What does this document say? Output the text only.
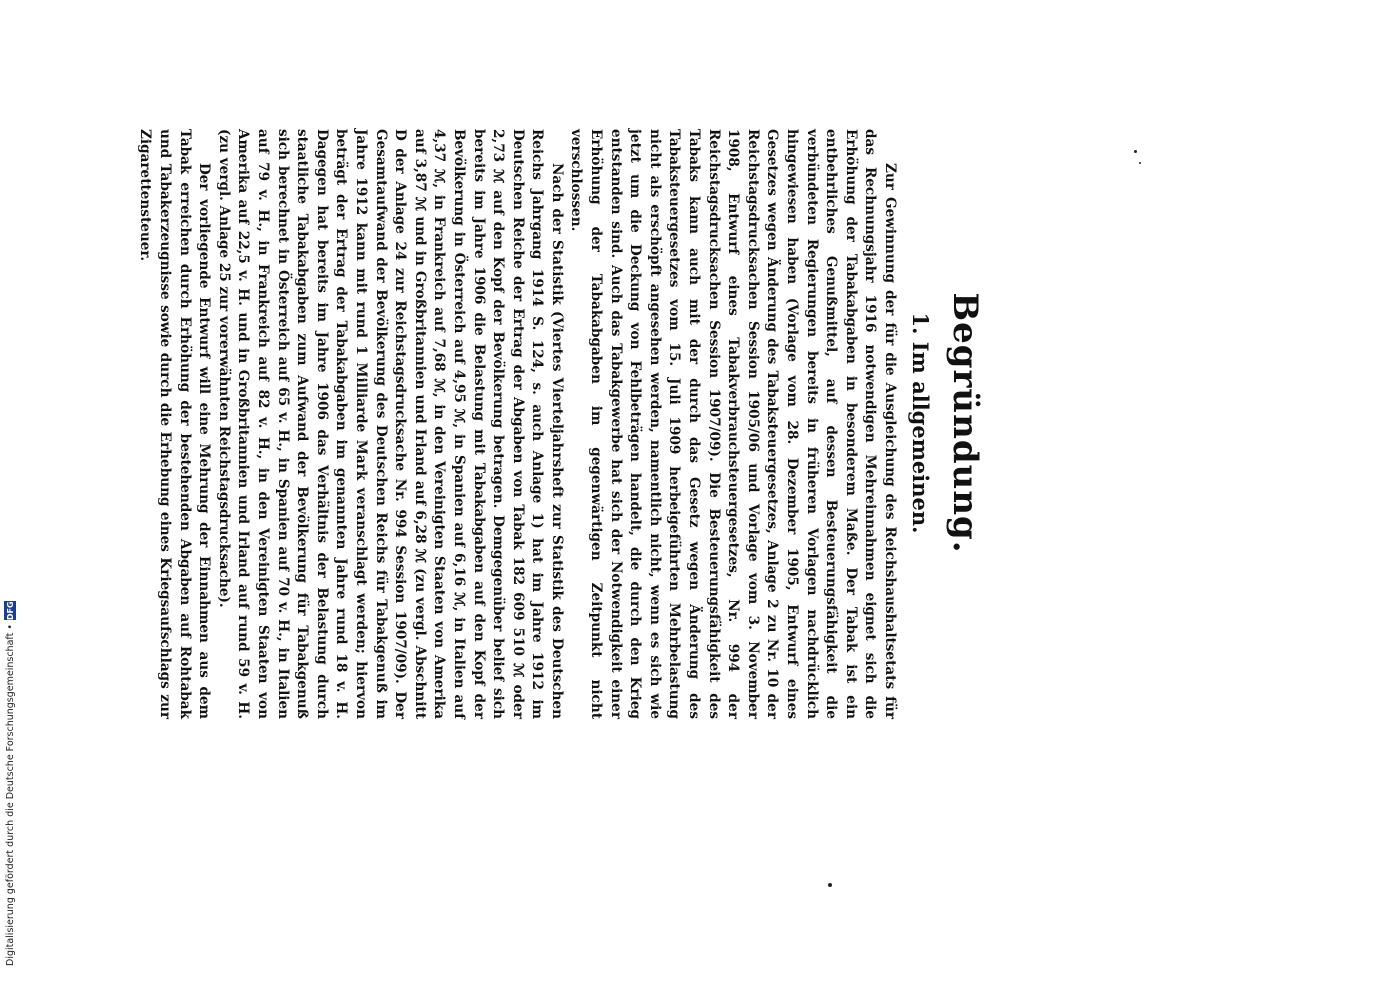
Begründung.
1. Im allgemeinen.

Zur Gewinnung der für die Ausgleichung des Reichshaushaltsetats für das Rechnungsjahr 1916 notwendigen Mehreinnahmen eignet sich die Erhöhung der Tabakabgaben in besonderem Maße. Der Tabak ist ein entbehrliches Genußmittel, auf dessen Besteuerungsfähigkeit die verbündeten Regierungen bereits in früheren Vorlagen nachdrücklich hingewiesen haben (Vorlage vom 28. Dezember 1905, Entwurf eines Gesetzes wegen Änderung des Tabaksteuergesetzes, Anlage 2 zu Nr. 10 der Reichstagsdrucksachen Session 1905/06 und Vorlage vom 3. November 1908, Entwurf eines Tabakverbrauchsteuergesetzes, Nr. 994 der Reichstagsdrucksachen Session 1907/09). Die Besteuerungsfähigkeit des Tabaks kann auch mit der durch das Gesetz wegen Änderung des Tabaksteuergesetzes vom 15. Juli 1909 herbeigeführten Mehrbelastung nicht als erschöpft angesehen werden, namentlich nicht, wenn es sich wie jetzt um die Deckung von Fehlbeträgen handelt, die durch den Krieg entstanden sind. Auch das Tabakgewerbe hat sich der Notwendigkeit einer Erhöhung der Tabakabgaben im gegenwärtigen Zeitpunkt nicht verschlossen.

Nach der Statistik (Viertes Vierteljahrsheft zur Statistik des Deutschen Reichs Jahrgang 1914 S. 124, s. auch Anlage 1) hat im Jahre 1912 im Deutschen Reiche der Ertrag der Abgaben von Tabak 182 609 510 ℳ oder 2,73 ℳ auf den Kopf der Bevölkerung betragen. Demgegenüber belief sich bereits im Jahre 1906 die Belastung mit Tabakabgaben auf den Kopf der Bevölkerung in Österreich auf 4,95 ℳ, in Spanien auf 6,16 ℳ, in Italien auf 4,37 ℳ, in Frankreich auf 7,68 ℳ, in den Vereinigten Staaten von Amerika auf 3,87 ℳ und in Großbritannien und Irland auf 6,28 ℳ (zu vergl. Abschnitt D der Anlage 24 zur Reichstagsdrucksache Nr. 994 Session 1907/09). Der Gesamtaufwand der Bevölkerung des Deutschen Reichs für Tabakgenuß im Jahre 1912 kann mit rund 1 Milliarde Mark veranschlagt werden; hiervon beträgt der Ertrag der Tabakabgaben im genannten Jahre rund 18 v. H. Dagegen hat bereits im Jahre 1906 das Verhältnis der Belastung durch staatliche Tabakabgaben zum Aufwand der Bevölkerung für Tabakgenuß sich berechnet in Österreich auf 65 v. H., in Spanien auf 70 v. H., in Italien auf 79 v. H., in Frankreich auf 82 v. H., in den Vereinigten Staaten von Amerika auf 22,5 v. H. und in Großbritannien und Irland auf rund 59 v. H. (zu vergl. Anlage 25 zur vorerwähnten Reichstagsdrucksache).

Der vorliegende Entwurf will eine Mehrung der Einnahmen aus dem Tabak erreichen durch Erhöhung der bestehenden Abgaben auf Rohtabak und Tabakerzeugnisse sowie durch die Erhebung eines Kriegsaufschlags zur Zigarettensteuer.

Digitalisierung gefördert durch die Deutsche Forschungsgemeinschaft •
DFG
